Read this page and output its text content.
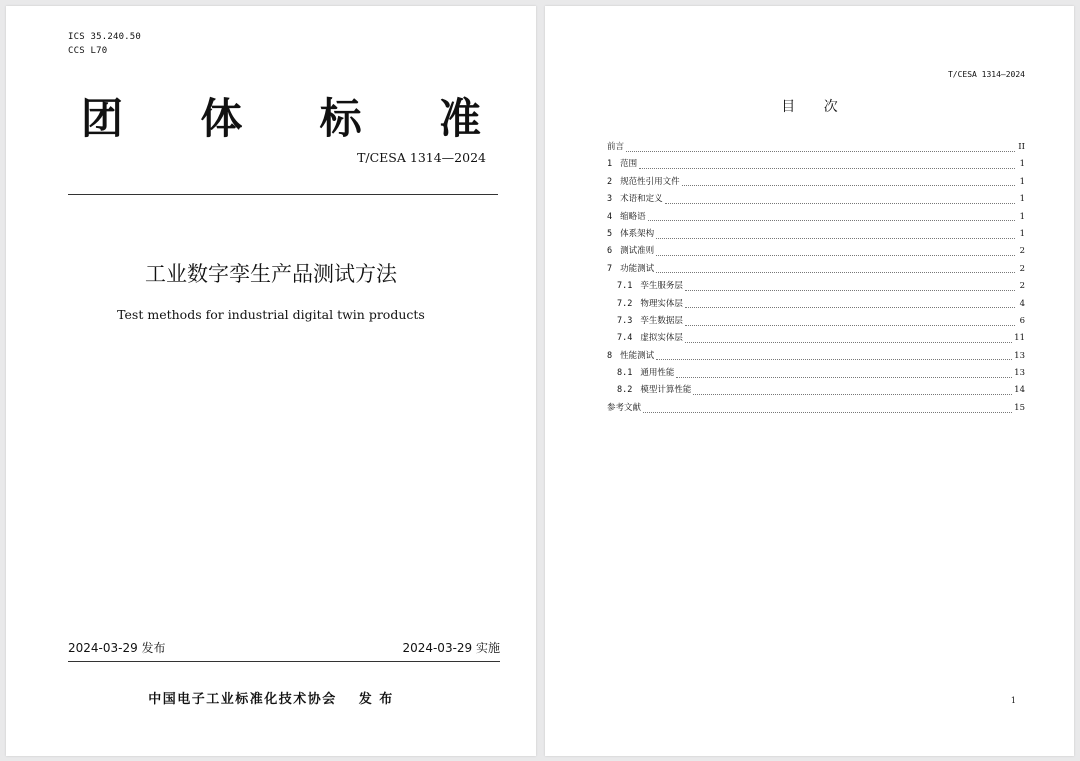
ICS 35.240.50
CCS L70
团 体 标 准
T/CESA 1314—2024
工业数字孪生产品测试方法
Test methods for industrial digital twin products
2024-03-29 发布	2024-03-29 实施
中国电子工业标准化技术协会 发 布
T/CESA 1314—2024
目 次
前言	II
1 范围	1
2 规范性引用文件	1
3 术语和定义	1
4 缩略语	1
5 体系架构	1
6 测试准则	2
7 功能测试	2
7.1 孪生服务层	2
7.2 物理实体层	4
7.3 孪生数据层	6
7.4 虚拟实体层	11
8 性能测试	13
8.1 通用性能	13
8.2 模型计算性能	14
参考文献	15
1
